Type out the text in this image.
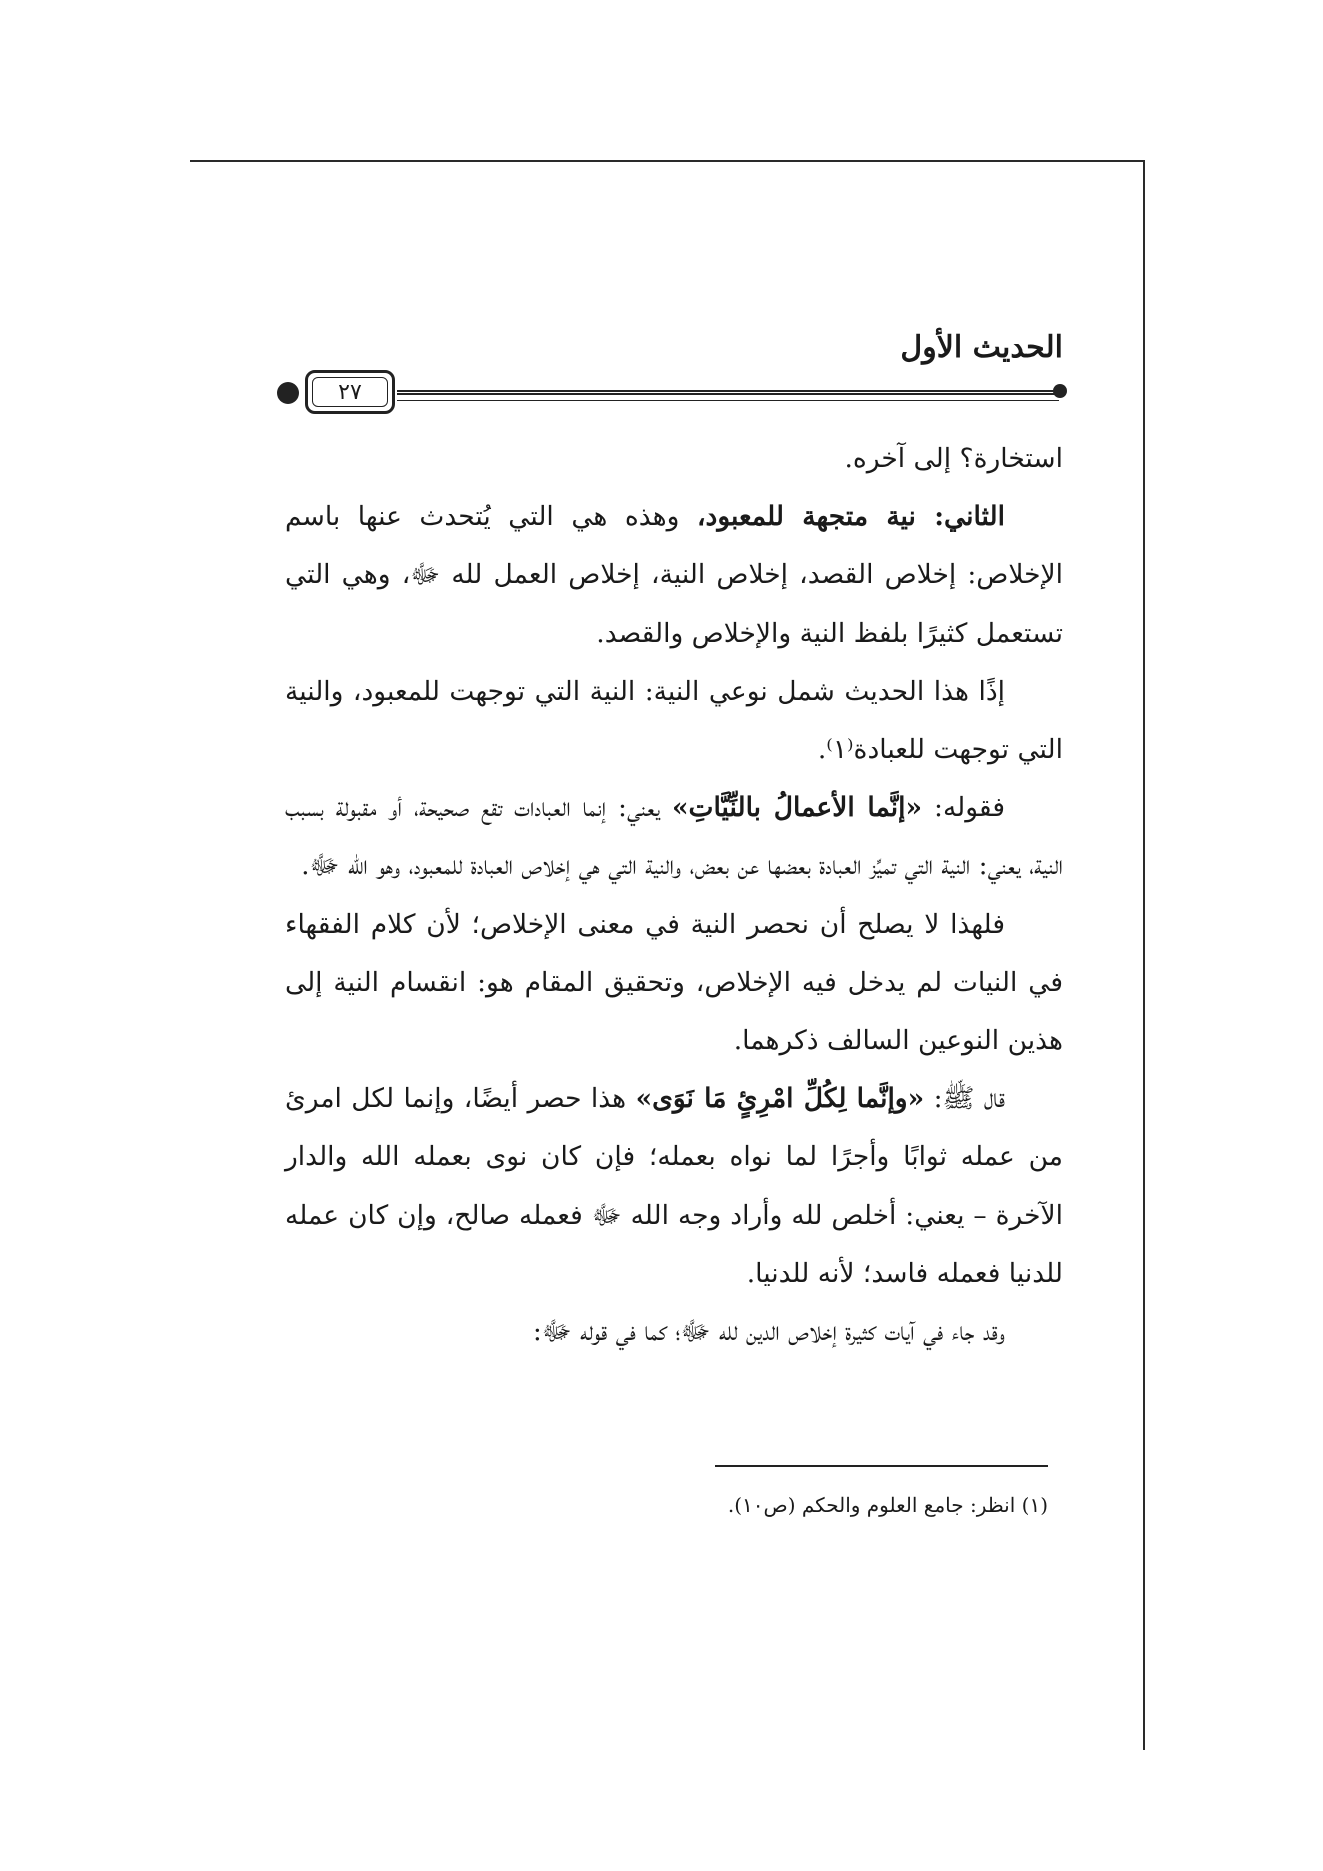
الحديث الأول
٢٧

استخارة؟ إلى آخره.

الثاني: نية متجهة للمعبود، وهذه هي التي يُتحدث عنها باسم الإخلاص: إخلاص القصد، إخلاص النية، إخلاص العمل لله ﷻ، وهي التي تستعمل كثيرًا بلفظ النية والإخلاص والقصد.

إذًا هذا الحديث شمل نوعي النية: النية التي توجهت للمعبود، والنية التي توجهت للعبادة⁽١⁾.

فقوله: «إنَّما الأعمالُ بالنِّيَّاتِ» يعني: إنما العبادات تقع صحيحة، أو مقبولة بسبب النية، يعني: النية التي تميِّز العبادة بعضها عن بعض، والنية التي هي إخلاص العبادة للمعبود، وهو الله ﷻ.

فلهذا لا يصلح أن نحصر النية في معنى الإخلاص؛ لأن كلام الفقهاء في النيات لم يدخل فيه الإخلاص، وتحقيق المقام هو: انقسام النية إلى هذين النوعين السالف ذكرهما.

قال ﷺ: «وإنَّما لِكُلِّ امْرِئٍ مَا نَوَى» هذا حصر أيضًا، وإنما لكل امرئ من عمله ثوابًا وأجرًا لما نواه بعمله؛ فإن كان نوى بعمله الله والدار الآخرة – يعني: أخلص لله وأراد وجه الله ﷻ فعمله صالح، وإن كان عمله للدنيا فعمله فاسد؛ لأنه للدنيا.

وقد جاء في آيات كثيرة إخلاص الدين لله ﷻ؛ كما في قوله ﷻ:

(١) انظر: جامع العلوم والحكم (ص١٠).
